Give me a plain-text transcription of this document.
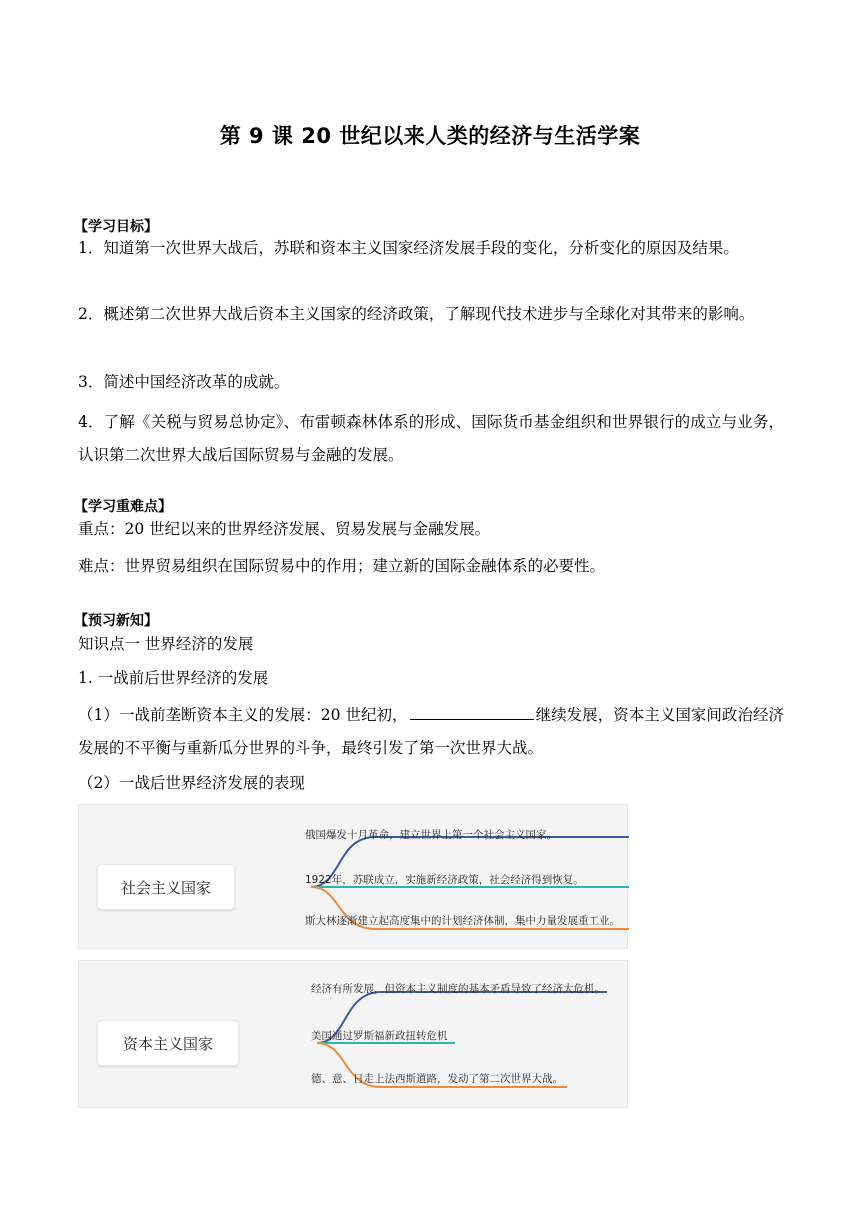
第 9 课 20 世纪以来人类的经济与生活学案
【学习目标】
1．知道第一次世界大战后，苏联和资本主义国家经济发展手段的变化，分析变化的原因及结果。
2．概述第二次世界大战后资本主义国家的经济政策，了解现代技术进步与全球化对其带来的影响。
3．简述中国经济改革的成就。
4．了解《关税与贸易总协定》、布雷顿森林体系的形成、国际货币基金组织和世界银行的成立与业务，认识第二次世界大战后国际贸易与金融的发展。
【学习重难点】
重点：20 世纪以来的世界经济发展、贸易发展与金融发展。
难点：世界贸易组织在国际贸易中的作用；建立新的国际金融体系的必要性。
【预习新知】
知识点一 世界经济的发展
1. 一战前后世界经济的发展
（1）一战前垄断资本主义的发展：20 世纪初，	继续发展，资本主义国家间政治经济发展的不平衡与重新瓜分世界的斗争，最终引发了第一次世界大战。
（2）一战后世界经济发展的表现
社会主义国家
俄国爆发十月革命，建立世界上第一个社会主义国家。
1922年，苏联成立，实施新经济政策，社会经济得到恢复。
斯大林逐渐建立起高度集中的计划经济体制，集中力量发展重工业。
资本主义国家
经济有所发展，但资本主义制度的基本矛盾导致了经济大危机。
美国通过罗斯福新政扭转危机
德、意、日走上法西斯道路，发动了第二次世界大战。
